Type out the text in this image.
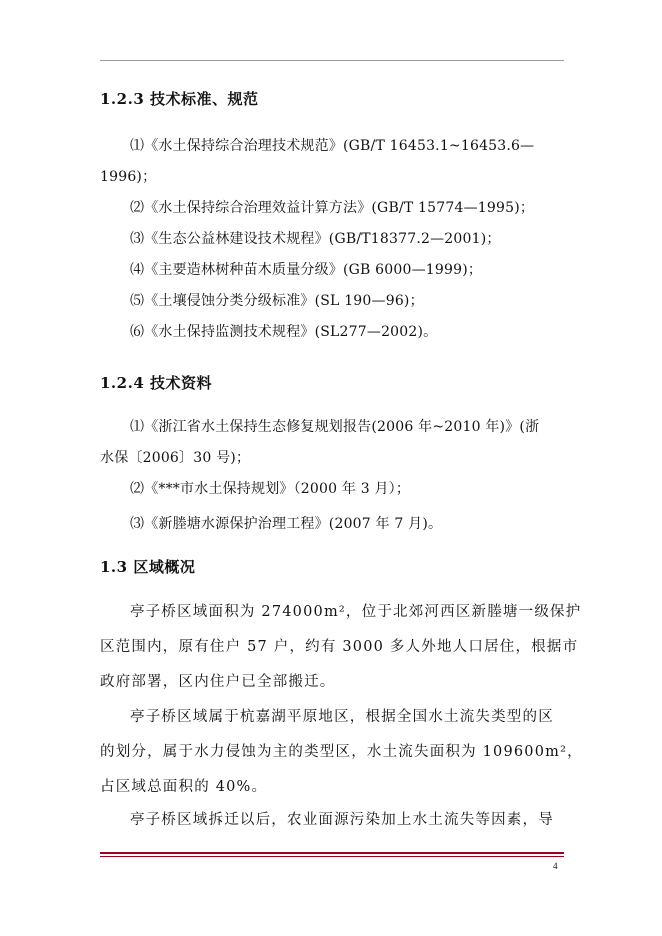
1.2.3 技术标准、规范
⑴《水土保持综合治理技术规范》(GB/T 16453.1~16453.6—
1996)；
⑵《水土保持综合治理效益计算方法》(GB/T 15774—1995)；
⑶《生态公益林建设技术规程》(GB/T18377.2—2001)；
⑷《主要造林树种苗木质量分级》(GB 6000—1999)；
⑸《土壤侵蚀分类分级标准》(SL 190—96)；
⑹《水土保持监测技术规程》(SL277—2002)。
1.2.4 技术资料
⑴《浙江省水土保持生态修复规划报告(2006 年~2010 年)》(浙
水保〔2006〕30 号)；
⑵《***市水土保持规划》（2000 年 3 月）；
⑶《新塍塘水源保护治理工程》(2007 年 7 月)。
1.3 区域概况
亭子桥区域面积为 274000m²，位于北郊河西区新塍塘一级保护
区范围内，原有住户 57 户，约有 3000 多人外地人口居住，根据市
政府部署，区内住户已全部搬迁。
亭子桥区域属于杭嘉湖平原地区，根据全国水土流失类型的区
的划分，属于水力侵蚀为主的类型区，水土流失面积为 109600m²，
占区域总面积的 40%。
亭子桥区域拆迁以后，农业面源污染加上水土流失等因素，导
4
